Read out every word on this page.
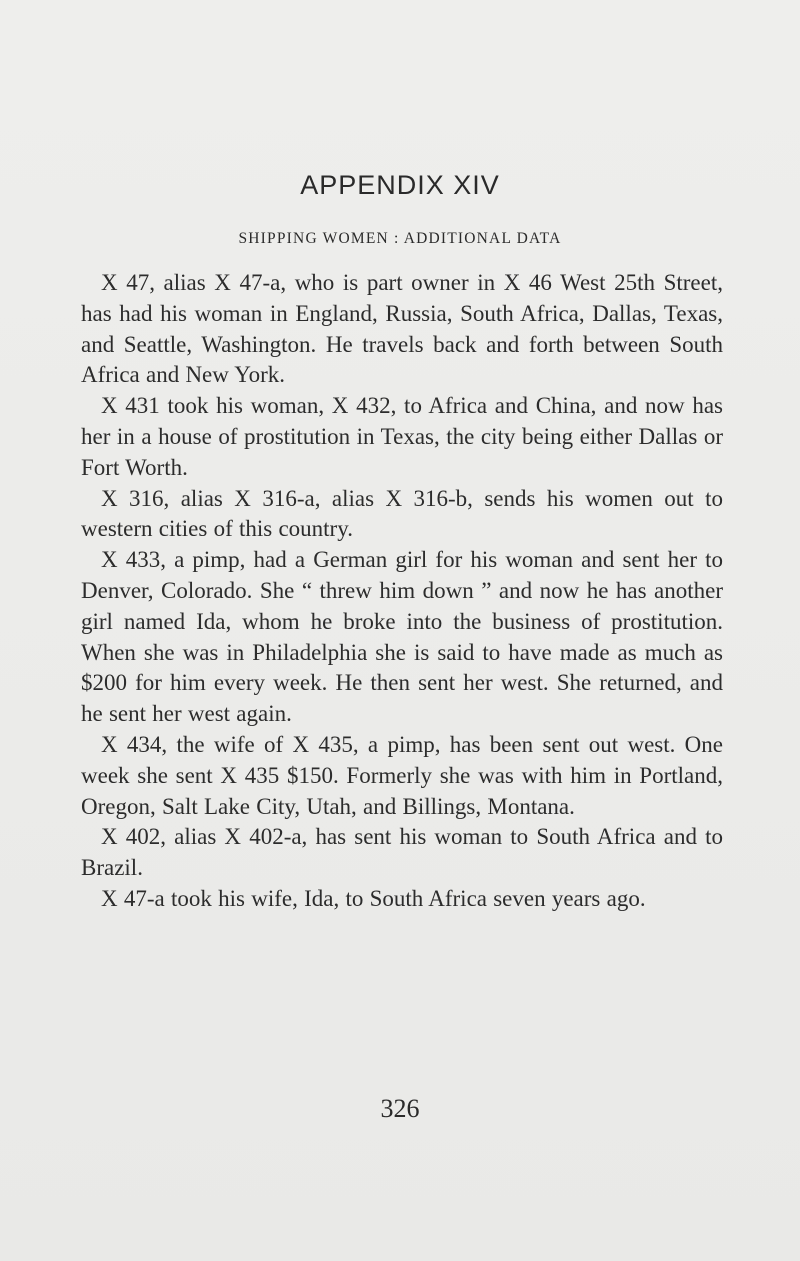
APPENDIX XIV
SHIPPING WOMEN : ADDITIONAL DATA

X 47, alias X 47-a, who is part owner in X 46 West 25th Street, has had his woman in England, Russia, South Africa, Dallas, Texas, and Seattle, Washington. He travels back and forth between South Africa and New York.

X 431 took his woman, X 432, to Africa and China, and now has her in a house of prostitution in Texas, the city being either Dallas or Fort Worth.

X 316, alias X 316-a, alias X 316-b, sends his women out to western cities of this country.

X 433, a pimp, had a German girl for his woman and sent her to Denver, Colorado. She “ threw him down ” and now he has another girl named Ida, whom he broke into the business of prostitution. When she was in Philadelphia she is said to have made as much as $200 for him every week. He then sent her west. She returned, and he sent her west again.

X 434, the wife of X 435, a pimp, has been sent out west. One week she sent X 435 $150. Formerly she was with him in Portland, Oregon, Salt Lake City, Utah, and Billings, Montana.

X 402, alias X 402-a, has sent his woman to South Africa and to Brazil.

X 47-a took his wife, Ida, to South Africa seven years ago.

326
